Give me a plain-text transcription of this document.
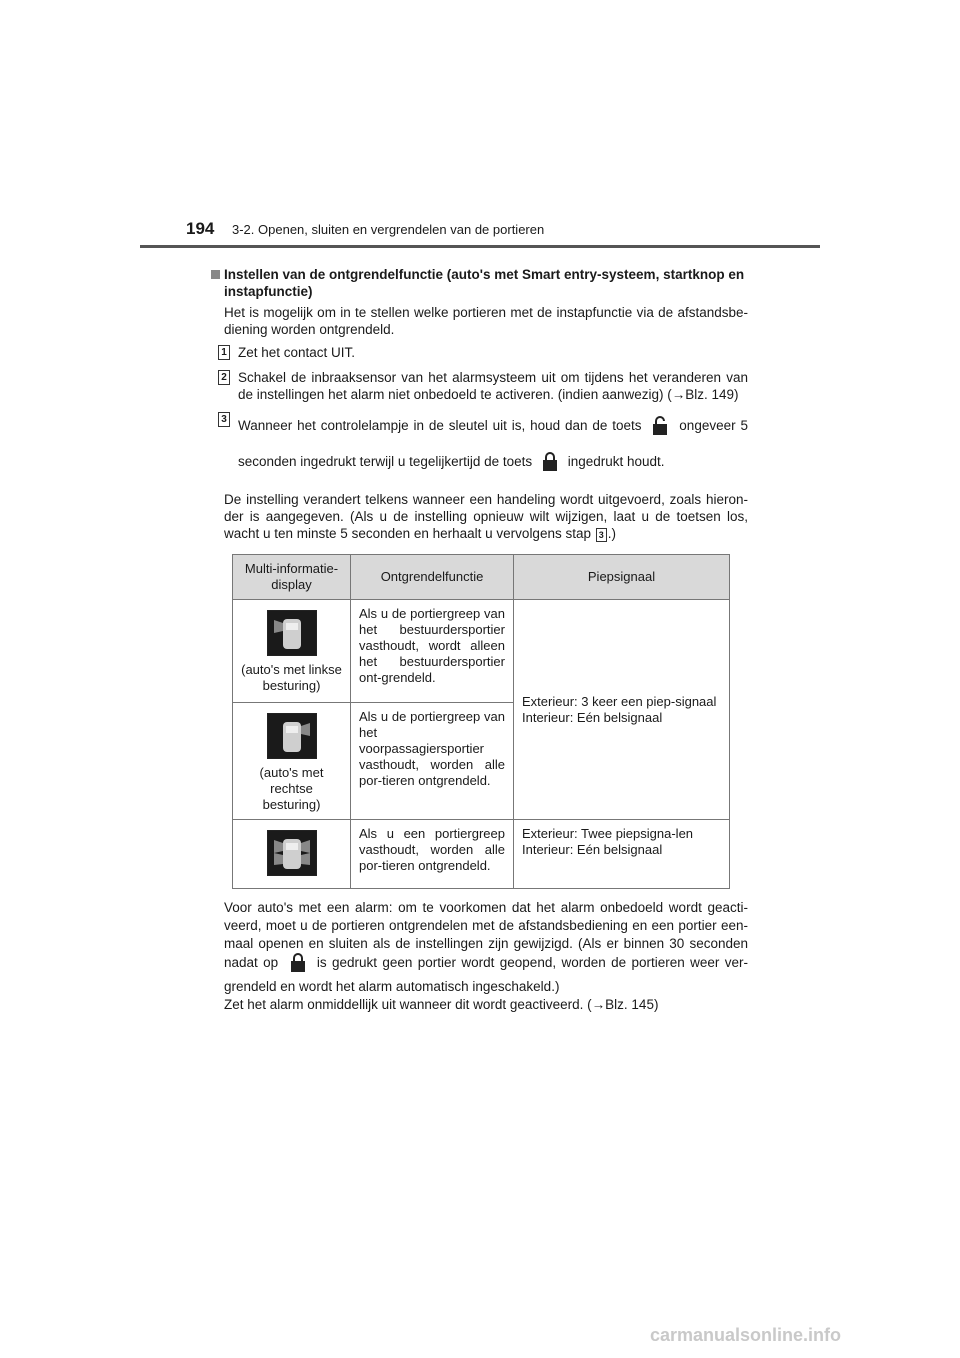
194 3-2. Openen, sluiten en vergrendelen van de portieren
Instellen van de ontgrendelfunctie (auto's met Smart entry-systeem, startknop en instapfunctie)

Het is mogelijk om in te stellen welke portieren met de instapfunctie via de afstandsbe-diening worden ontgrendeld.

1 Zet het contact UIT.
2 Schakel de inbraaksensor van het alarmsysteem uit om tijdens het veranderen van de instellingen het alarm niet onbedoeld te activeren. (indien aanwezig) (→Blz. 149)
3 Wanneer het controlelampje in de sleutel uit is, houd dan de toets	ongeveer 5 seconden ingedrukt terwijl u tegelijkertijd de toets	ingedrukt houdt.

De instelling verandert telkens wanneer een handeling wordt uitgevoerd, zoals hieron-der is aangegeven. (Als u de instelling opnieuw wilt wijzigen, laat u de toetsen los, wacht u ten minste 5 seconden en herhaalt u vervolgens stap 3 .)

Multi-informatie-display	Ontgrendelfunctie	Piepsignaal

(auto's met linkse besturing)	Als u de portiergreep van het bestuurdersportier vasthoudt, wordt alleen het bestuurdersportier ont-grendeld.	Exterieur: 3 keer een piep-signaal
Interieur: Eén belsignaal

(auto's met rechtse besturing)	Als u de portiergreep van het voorpassagiersportier vasthoudt, worden alle por-tieren ontgrendeld.	

	Als u een portiergreep vasthoudt, worden alle por-tieren ontgrendeld.	Exterieur: Twee piepsigna-len
Interieur: Eén belsignaal

Voor auto's met een alarm: om te voorkomen dat het alarm onbedoeld wordt geacti-veerd, moet u de portieren ontgrendelen met de afstandsbediening en een portier een-maal openen en sluiten als de instellingen zijn gewijzigd. (Als er binnen 30 seconden nadat op	is gedrukt geen portier wordt geopend, worden de portieren weer ver-grendeld en wordt het alarm automatisch ingeschakeld.)
Zet het alarm onmiddellijk uit wanneer dit wordt geactiveerd. (→Blz. 145)

carmanualsonline.info
